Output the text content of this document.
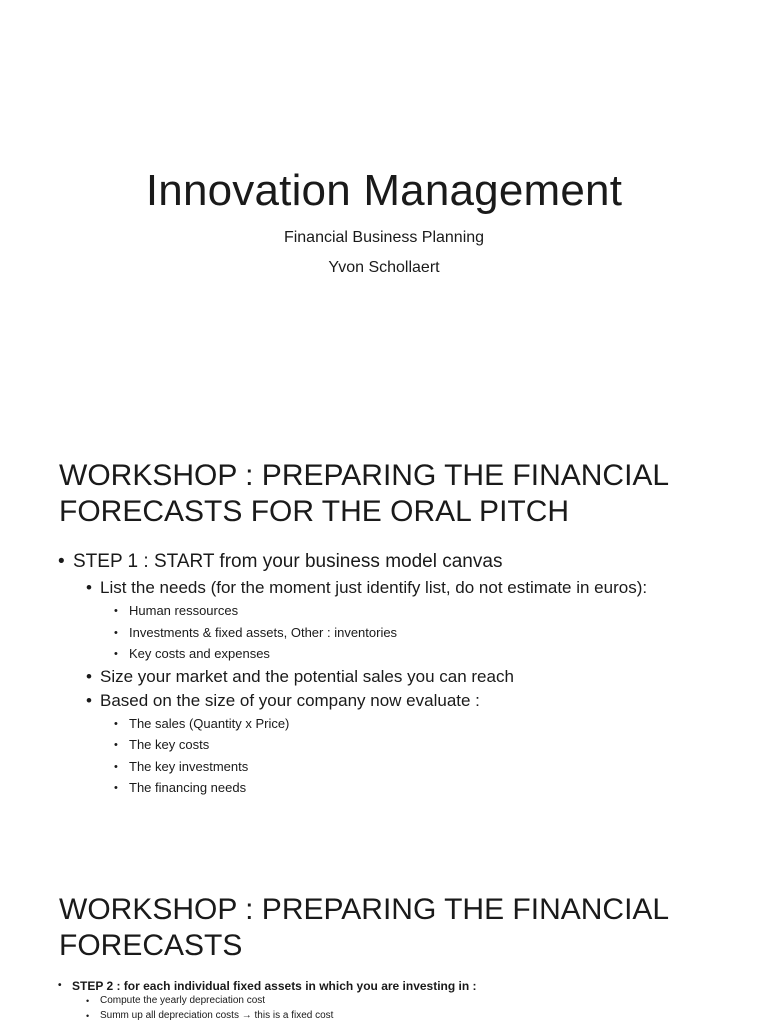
Innovation Management
Financial Business Planning
Yvon Schollaert
WORKSHOP : PREPARING THE FINANCIAL
FORECASTS FOR THE ORAL PITCH
• STEP 1 : START from your business model canvas
• List the needs (for the moment just identify list, do not estimate in euros):
• Human ressources
• Investments & fixed assets, Other : inventories
• Key costs and expenses
• Size your market and the potential sales you can reach
• Based on the size of your company now evaluate :
• The sales (Quantity x Price)
• The key costs
• The key investments
• The financing needs
WORKSHOP : PREPARING THE FINANCIAL
FORECASTS
• STEP 2 : for each individual fixed assets in which you are investing in :
• Compute the yearly depreciation cost
• Summ up all depreciation costs → this is a fixed cost
